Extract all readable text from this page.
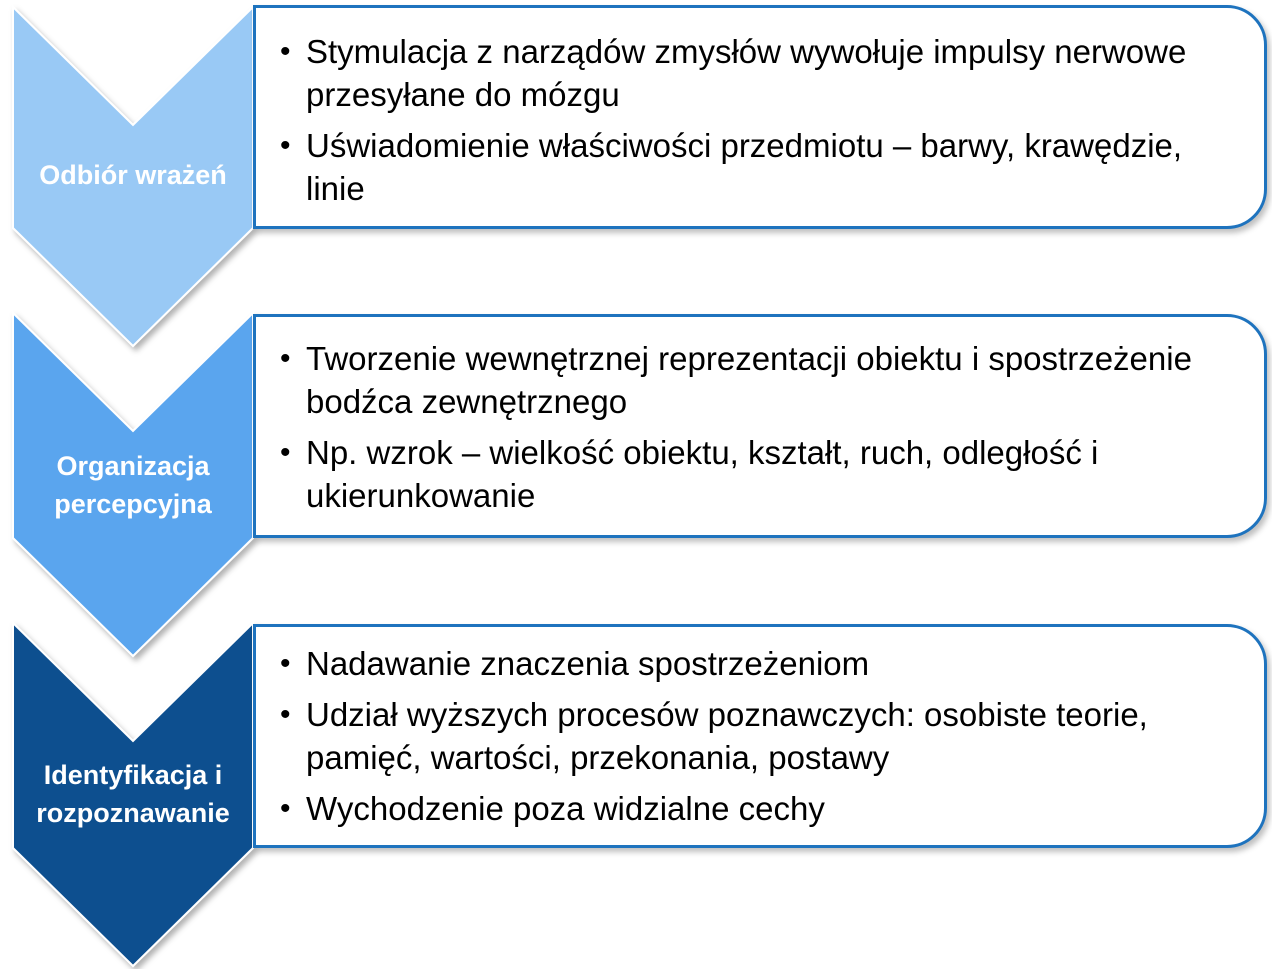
Odbiór wrażeń
• Stymulacja z narządów zmysłów wywołuje impulsy nerwowe przesyłane do mózgu
• Uświadomienie właściwości przedmiotu – barwy, krawędzie, linie
Organizacja percepcyjna
• Tworzenie wewnętrznej reprezentacji obiektu i spostrzeżenie bodźca zewnętrznego
• Np. wzrok – wielkość obiektu, kształt, ruch, odległość i ukierunkowanie
Identyfikacja i rozpoznawanie
• Nadawanie znaczenia spostrzeżeniom
• Udział wyższych procesów poznawczych: osobiste teorie, pamięć, wartości, przekonania, postawy
• Wychodzenie poza widzialne cechy
